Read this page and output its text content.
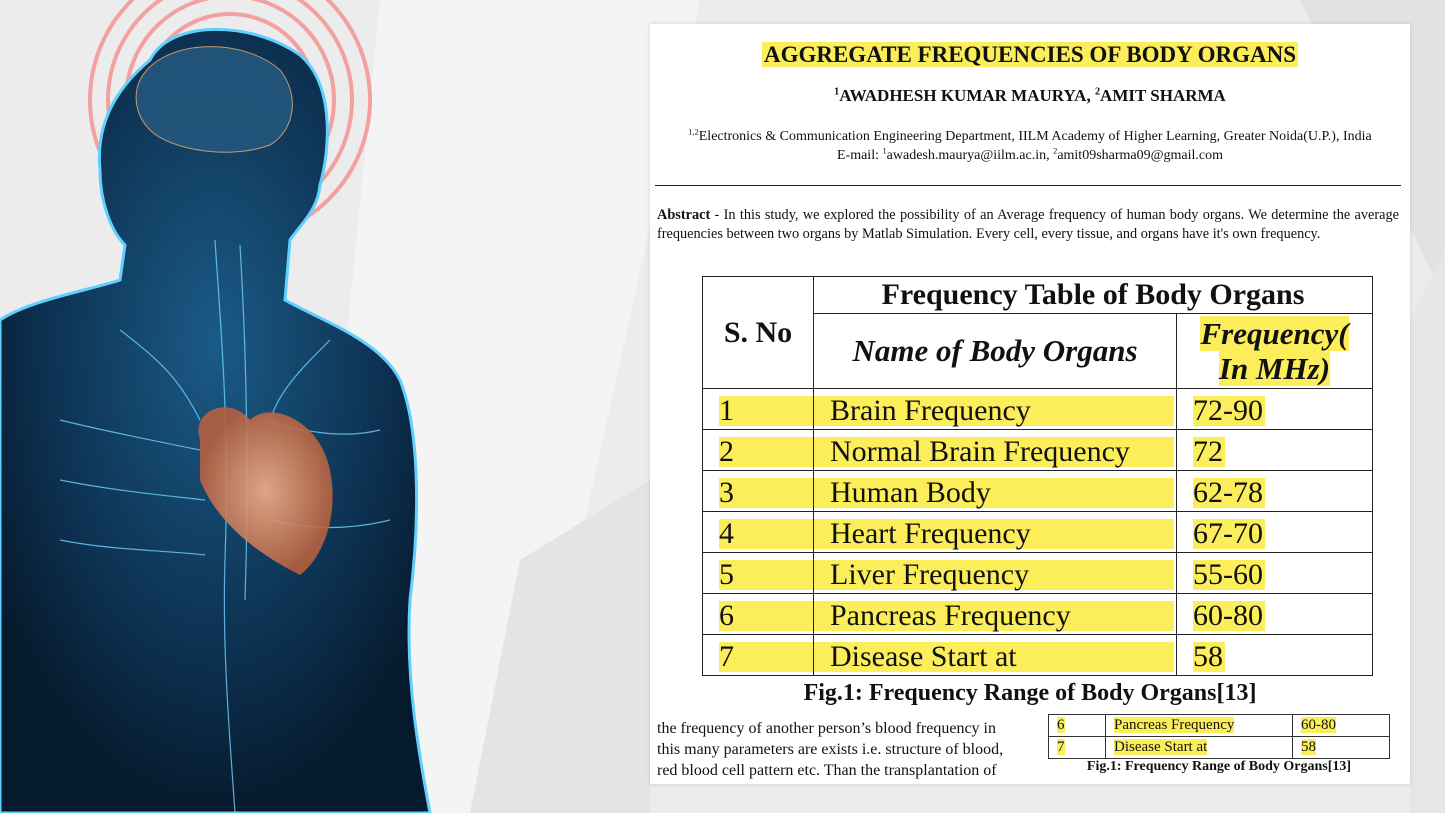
AGGREGATE FREQUENCIES OF BODY ORGANS
$^1$AWADHESH KUMAR MAURYA, $^2$AMIT SHARMA
$^{1,2}$Electronics & Communication Engineering Department, IILM Academy of Higher Learning, Greater Noida(U.P.), India
E-mail: $^1$awadesh.maurya@iilm.ac.in, $^2$amit09sharma09@gmail.com
Abstract - In this study, we explored the possibility of an Average frequency of human body organs. We determine the average frequencies between two organs by Matlab Simulation. Every cell, every tissue, and organs have it's own frequency.
S. No	Frequency Table of Body Organs	
	Name of Body Organs	Frequency(
In MHz)
1	Brain Frequency	72-90
2	Normal Brain Frequency	72
3	Human Body	62-78
4	Heart Frequency	67-70
5	Liver Frequency	55-60
6	Pancreas Frequency	60-80
7	Disease Start at	58
Fig.1: Frequency Range of Body Organs[13]
the frequency of another person’s blood frequency in
this many parameters are exists i.e. structure of blood,
red blood cell pattern etc. Than the transplantation of
6	Pancreas Frequency	60-80
7	Disease Start at	58
Fig.1: Frequency Range of Body Organs[13]
